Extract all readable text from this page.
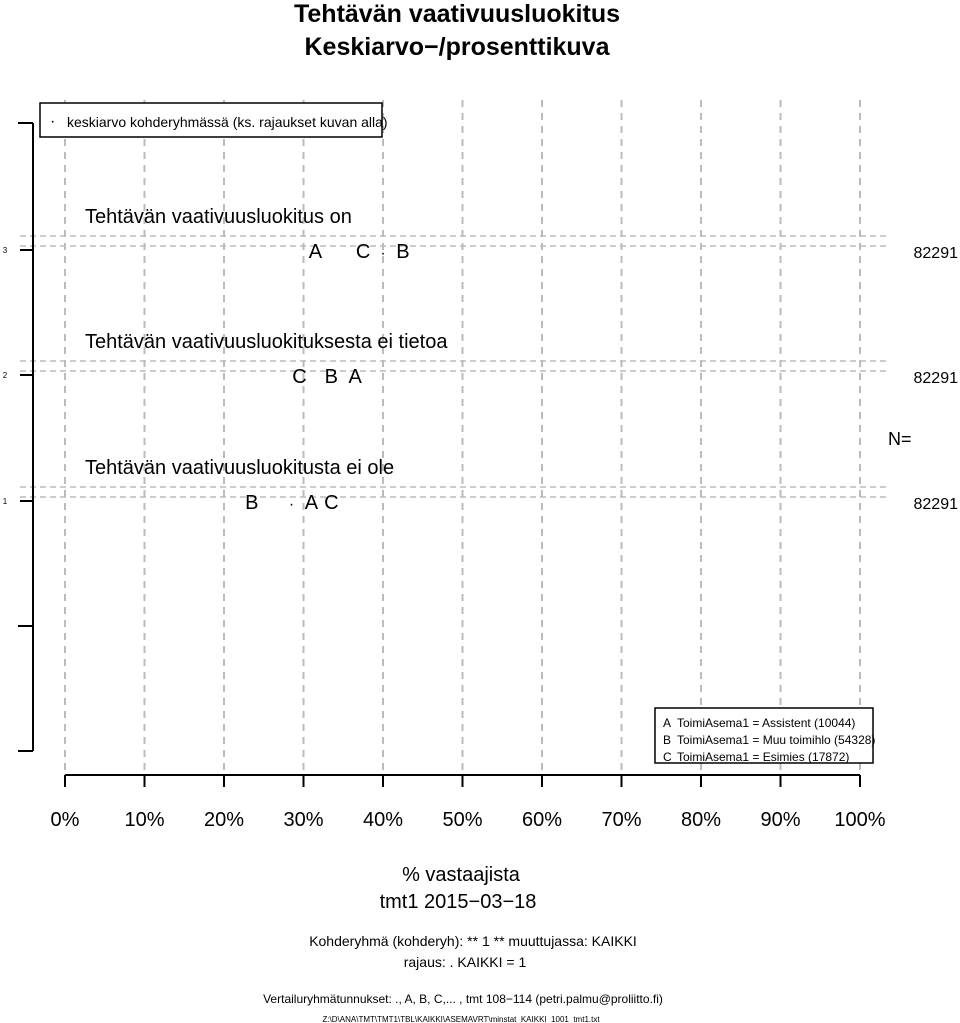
Tehtävän vaativuusluokitus
Keskiarvo−/prosenttikuva
3
2
1
0% 10% 20% 30% 40% 50% 60% 70% 80% 90% 100%
· keskiarvo kohderyhmässä (ks. rajaukset kuvan alla)
Tehtävän vaativuusluokitus on
A C B
·	82291
Tehtävän vaativuusluokituksesta ei tietoa
C B A	82291
Tehtävän vaativuusluokitusta ei ole
B · A C	82291
N=
A ToimiAsema1 = Assistent (10044)
B ToimiAsema1 = Muu toimihlo (54328)
C ToimiAsema1 = Esimies (17872)
% vastaajista
tmt1 2015−03−18
Kohderyhmä (kohderyh): ** 1 ** muuttujassa: KAIKKI
rajaus: . KAIKKI = 1
Vertailuryhmätunnukset: ., A, B, C,... , tmt 108−114 (petri.palmu@proliitto.fi)
Z:\D\ANA\TMT\TMT1\TBL\KAIKKI\ASEMAVRT\minstat_KAIKKI_1001_tmt1.txt
